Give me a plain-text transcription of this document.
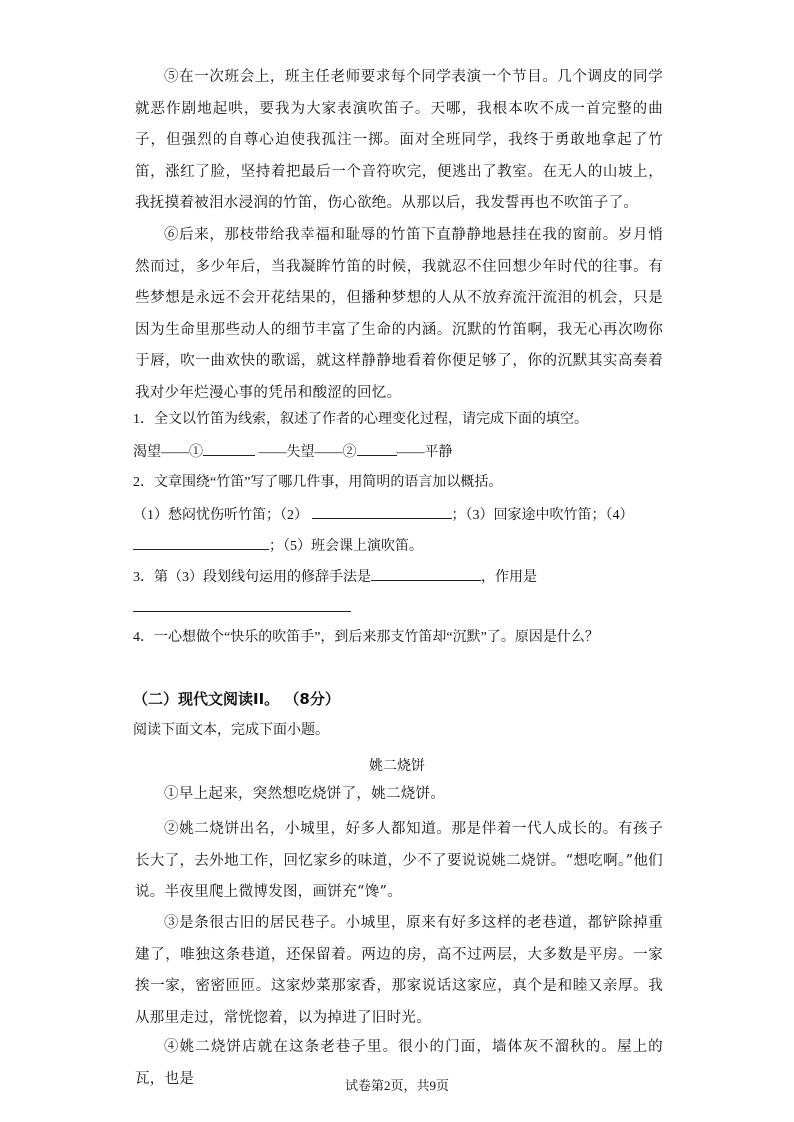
⑤在一次班会上，班主任老师要求每个同学表演一个节目。几个调皮的同学就恶作剧地起哄，要我为大家表演吹笛子。天哪，我根本吹不成一首完整的曲子，但强烈的自尊心迫使我孤注一掷。面对全班同学，我终于勇敢地拿起了竹笛，涨红了脸，坚持着把最后一个音符吹完，便逃出了教室。在无人的山坡上，我抚摸着被泪水浸润的竹笛，伤心欲绝。从那以后，我发誓再也不吹笛子了。
⑥后来，那枝带给我幸福和耻辱的竹笛下直静静地悬挂在我的窗前。岁月悄然而过，多少年后，当我凝眸竹笛的时候，我就忍不住回想少年时代的往事。有些梦想是永远不会开花结果的，但播种梦想的人从不放弃流汗流泪的机会，只是因为生命里那些动人的细节丰富了生命的内涵。沉默的竹笛啊，我无心再次吻你于唇，吹一曲欢快的歌谣，就这样静静地看着你便足够了，你的沉默其实高奏着我对少年烂漫心事的凭吊和酸涩的回忆。
1．全文以竹笛为线索，叙述了作者的心理变化过程，请完成下面的填空。
渴望——①	——失望——②	——平静
2．文章围绕“竹笛”写了哪几件事，用简明的语言加以概括。
（1）愁闷忧伤听竹笛；（2）	；（3）回家途中吹竹笛；（4）
；（5）班会课上演吹笛。
3．第（3）段划线句运用的修辞手法是	，作用是
4．一心想做个“快乐的吹笛手”，到后来那支竹笛却“沉默”了。原因是什么？
（二）现代文阅读II。 （8分）
阅读下面文本，完成下面小题。
姚二烧饼
①早上起来，突然想吃烧饼了，姚二烧饼。
②姚二烧饼出名，小城里，好多人都知道。那是伴着一代人成长的。有孩子长大了，去外地工作，回忆家乡的味道，少不了要说说姚二烧饼。“想吃啊。”他们说。半夜里爬上微博发图，画饼充“馋”。
③是条很古旧的居民巷子。小城里，原来有好多这样的老巷道，都铲除掉重建了，唯独这条巷道，还保留着。两边的房，高不过两层，大多数是平房。一家挨一家，密密匝匝。这家炒菜那家香，那家说话这家应，真个是和睦又亲厚。我从那里走过，常恍惚着，以为掉进了旧时光。
④姚二烧饼店就在这条老巷子里。很小的门面，墙体灰不溜秋的。屋上的瓦，也是	试卷第2页，共9页
